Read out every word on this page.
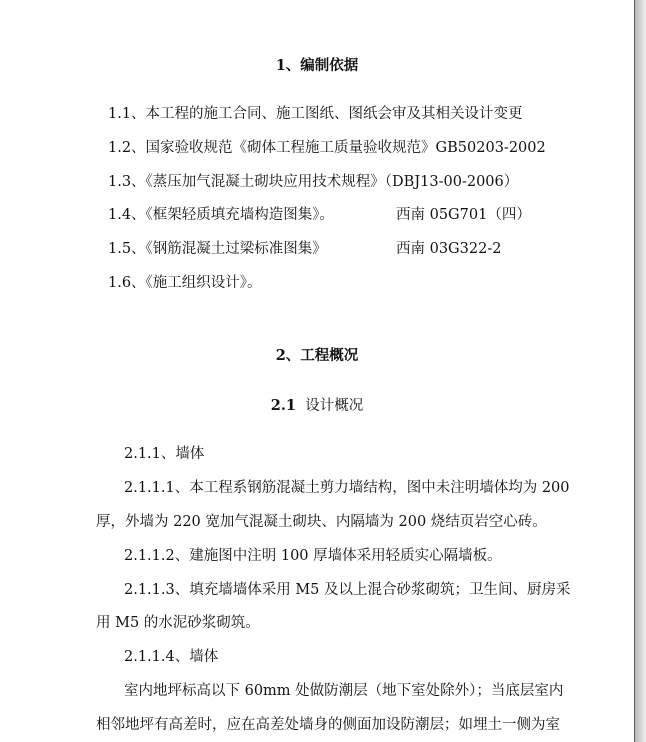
1、编制依据
1.1、本工程的施工合同、施工图纸、图纸会审及其相关设计变更
1.2、国家验收规范《砌体工程施工质量验收规范》GB50203-2002
1.3、《蒸压加气混凝土砌块应用技术规程》（DBJ13-00-2006）
1.4、《框架轻质填充墙构造图集》。	西南 05G701（四）
1.5、《钢筋混凝土过梁标准图集》	西南 03G322-2
1.6、《施工组织设计》。
2、工程概况
2.1 设计概况
2.1.1、墙体
2.1.1.1、本工程系钢筋混凝土剪力墙结构，图中未注明墙体均为 200
厚，外墙为 220 宽加气混凝土砌块、内隔墙为 200 烧结页岩空心砖。
2.1.1.2、建施图中注明 100 厚墙体采用轻质实心隔墙板。
2.1.1.3、填充墙墙体采用 M5 及以上混合砂浆砌筑；卫生间、厨房采
用 M5 的水泥砂浆砌筑。
2.1.1.4、墙体
室内地坪标高以下 60mm 处做防潮层（地下室处除外）；当底层室内
相邻地坪有高差时，应在高差处墙身的侧面加设防潮层；如埋土一侧为室
